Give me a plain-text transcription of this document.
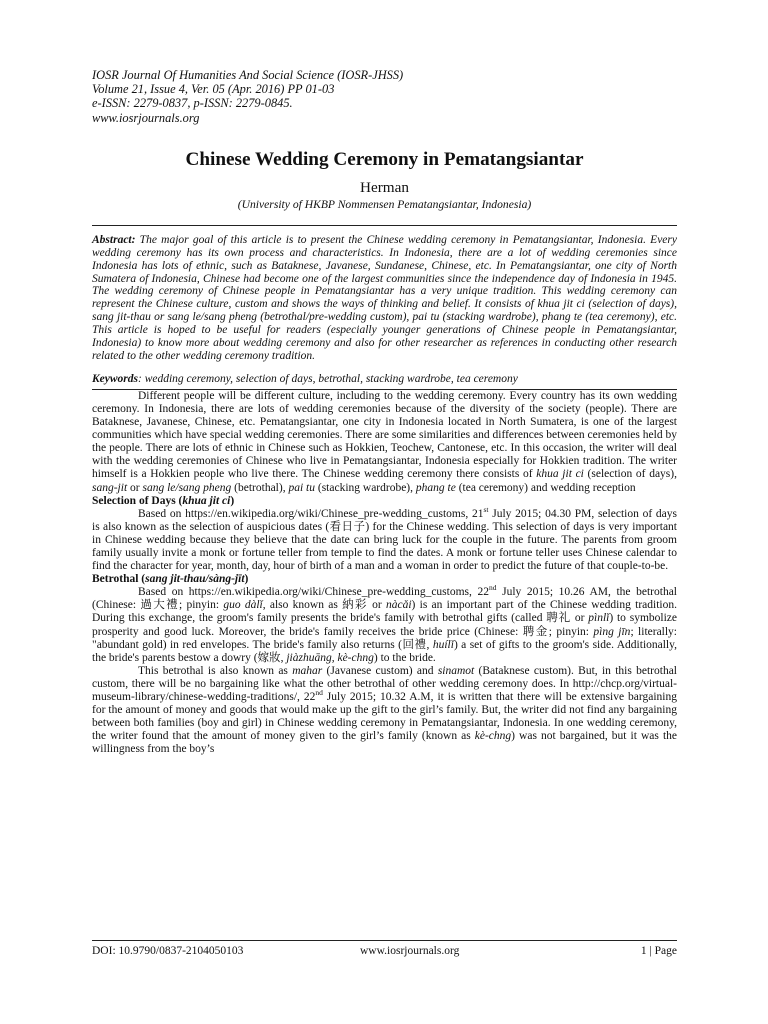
IOSR Journal Of Humanities And Social Science (IOSR-JHSS)
Volume 21, Issue 4, Ver. 05 (Apr. 2016) PP 01-03
e-ISSN: 2279-0837, p-ISSN: 2279-0845.
www.iosrjournals.org
Chinese Wedding Ceremony in Pematangsiantar
Herman
(University of HKBP Nommensen Pematangsiantar, Indonesia)
Abstract: The major goal of this article is to present the Chinese wedding ceremony in Pematangsiantar, Indonesia. Every wedding ceremony has its own process and characteristics. In Indonesia, there are a lot of wedding ceremonies since Indonesia has lots of ethnic, such as Bataknese, Javanese, Sundanese, Chinese, etc. In Pematangsiantar, one city of North Sumatera of Indonesia, Chinese had become one of the largest communities since the independence day of Indonesia in 1945. The wedding ceremony of Chinese people in Pematangsiantar has a very unique tradition. This wedding ceremony can represent the Chinese culture, custom and shows the ways of thinking and belief. It consists of khua jit ci (selection of days), sang jit-thau or sang le/sang pheng (betrothal/pre-wedding custom), pai tu (stacking wardrobe), phang te (tea ceremony), etc. This article is hoped to be useful for readers (especially younger generations of Chinese people in Pematangsiantar, Indonesia) to know more about wedding ceremony and also for other researcher as references in conducting other research related to the other wedding ceremony tradition.
Keywords: wedding ceremony, selection of days, betrothal, stacking wardrobe, tea ceremony

Different people will be different culture, including to the wedding ceremony. Every country has its own wedding ceremony. In Indonesia, there are lots of wedding ceremonies because of the diversity of the society (people). There are Bataknese, Javanese, Chinese, etc. Pematangsiantar, one city in Indonesia located in North Sumatera, is one of the largest communities which have special wedding ceremonies. There are some similarities and differences between ceremonies held by the people. There are lots of ethnic in Chinese such as Hokkien, Teochew, Cantonese, etc. In this occasion, the writer will deal with the wedding ceremonies of Chinese who live in Pematangsiantar, Indonesia especially for Hokkien tradition. The writer himself is a Hokkien people who live there. The Chinese wedding ceremony there consists of khua jit ci (selection of days), sang-jit or sang le/sang pheng (betrothal), pai tu (stacking wardrobe), phang te (tea ceremony) and wedding reception

Selection of Days (khua jit ci)

Based on https://en.wikipedia.org/wiki/Chinese_pre-wedding_customs, 21st July 2015; 04.30 PM, selection of days is also known as the selection of auspicious dates (看日子) for the Chinese wedding. This selection of days is very important in Chinese wedding because they believe that the date can bring luck for the couple in the future. The parents from groom family usually invite a monk or fortune teller from temple to find the dates. A monk or fortune teller uses Chinese calendar to find the character for year, month, day, hour of birth of a man and a woman in order to predict the future of that couple-to-be.

Betrothal (sang jit-thau/sàng-jīt)

Based on https://en.wikipedia.org/wiki/Chinese_pre-wedding_customs, 22nd July 2015; 10.26 AM, the betrothal (Chinese: 過大禮; pinyin: guo dàlǐ, also known as 納彩 or nàcǎi) is an important part of the Chinese wedding tradition. During this exchange, the groom's family presents the bride's family with betrothal gifts (called 聘礼 or pìnlǐ) to symbolize prosperity and good luck. Moreover, the bride's family receives the bride price (Chinese: 聘金; pinyin: pìng jīn; literally: "abundant gold) in red envelopes. The bride's family also returns (回禮, huílǐ) a set of gifts to the groom's side. Additionally, the bride's parents bestow a dowry (嫁妝, jiàzhuāng, kè-chng) to the bride.

This betrothal is also known as mahar (Javanese custom) and sinamot (Bataknese custom). But, in this betrothal custom, there will be no bargaining like what the other betrothal of other wedding ceremony does. In http://chcp.org/virtual-museum-library/chinese-wedding-traditions/, 22nd July 2015; 10.32 A.M, it is written that there will be extensive bargaining for the amount of money and goods that would make up the gift to the girl’s family. But, the writer did not find any bargaining between both families (boy and girl) in Chinese wedding ceremony in Pematangsiantar, Indonesia. In one wedding ceremony, the writer found that the amount of money given to the girl’s family (known as kè-chng) was not bargained, but it was the willingness from the boy’s

DOI: 10.9790/0837-2104050103	www.iosrjournals.org	1 | Page
